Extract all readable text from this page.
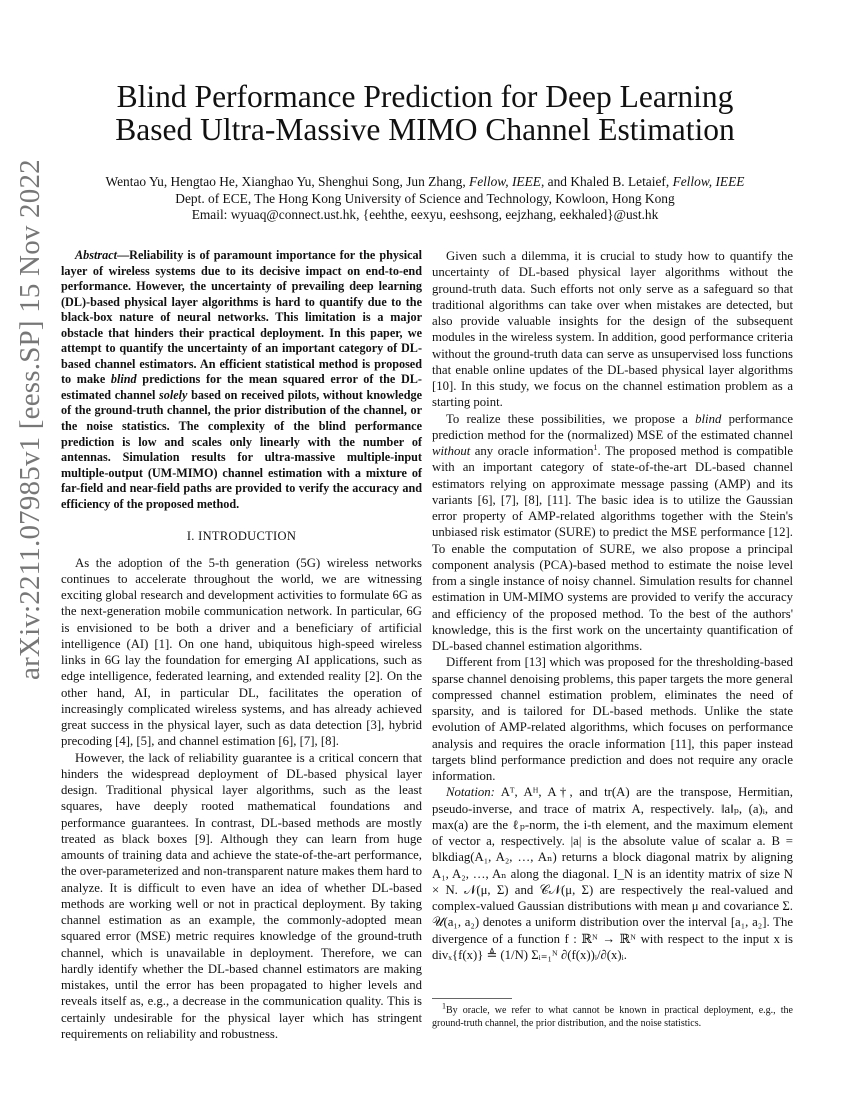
arXiv:2211.07985v1 [eess.SP] 15 Nov 2022
Blind Performance Prediction for Deep Learning
Based Ultra-Massive MIMO Channel Estimation
Wentao Yu, Hengtao He, Xianghao Yu, Shenghui Song, Jun Zhang, Fellow, IEEE, and Khaled B. Letaief, Fellow, IEEE
Dept. of ECE, The Hong Kong University of Science and Technology, Kowloon, Hong Kong
Email: wyuaq@connect.ust.hk, {eehthe, eexyu, eeshsong, eejzhang, eekhaled}@ust.hk

Abstract—Reliability is of paramount importance for the physical layer of wireless systems due to its decisive impact on end-to-end performance. However, the uncertainty of prevailing deep learning (DL)-based physical layer algorithms is hard to quantify due to the black-box nature of neural networks. This limitation is a major obstacle that hinders their practical deployment. In this paper, we attempt to quantify the uncertainty of an important category of DL-based channel estimators. An efficient statistical method is proposed to make blind predictions for the mean squared error of the DL-estimated channel solely based on received pilots, without knowledge of the ground-truth channel, the prior distribution of the channel, or the noise statistics. The complexity of the blind performance prediction is low and scales only linearly with the number of antennas. Simulation results for ultra-massive multiple-input multiple-output (UM-MIMO) channel estimation with a mixture of far-field and near-field paths are provided to verify the accuracy and efficiency of the proposed method.

I. INTRODUCTION

As the adoption of the 5-th generation (5G) wireless networks continues to accelerate throughout the world, we are witnessing exciting global research and development activities to formulate 6G as the next-generation mobile communication network. In particular, 6G is envisioned to be both a driver and a beneficiary of artificial intelligence (AI) [1]. On one hand, ubiquitous high-speed wireless links in 6G lay the foundation for emerging AI applications, such as edge intelligence, federated learning, and extended reality [2]. On the other hand, AI, in particular DL, facilitates the operation of increasingly complicated wireless systems, and has already achieved great success in the physical layer, such as data detection [3], hybrid precoding [4], [5], and channel estimation [6], [7], [8].

However, the lack of reliability guarantee is a critical concern that hinders the widespread deployment of DL-based physical layer design. Traditional physical layer algorithms, such as the least squares, have deeply rooted mathematical foundations and performance guarantees. In contrast, DL-based methods are mostly treated as black boxes [9]. Although they can learn from huge amounts of training data and achieve the state-of-the-art performance, the over-parameterized and non-transparent nature makes them hard to analyze. It is difficult to even have an idea of whether DL-based methods are working well or not in practical deployment. By taking channel estimation as an example, the commonly-adopted mean squared error (MSE) metric requires knowledge of the ground-truth channel, which is unavailable in deployment. Therefore, we can hardly identify whether the DL-based channel estimators are making mistakes, until the error has been propagated to higher levels and reveals itself as, e.g., a decrease in the communication quality. This is certainly undesirable for the physical layer which has stringent requirements on reliability and robustness.

Given such a dilemma, it is crucial to study how to quantify the uncertainty of DL-based physical layer algorithms without the ground-truth data. Such efforts not only serve as a safeguard so that traditional algorithms can take over when mistakes are detected, but also provide valuable insights for the design of the subsequent modules in the wireless system. In addition, good performance criteria without the ground-truth data can serve as unsupervised loss functions that enable online updates of the DL-based physical layer algorithms [10]. In this study, we focus on the channel estimation problem as a starting point.

To realize these possibilities, we propose a blind performance prediction method for the (normalized) MSE of the estimated channel without any oracle information$^1$. The proposed method is compatible with an important category of state-of-the-art DL-based channel estimators relying on approximate message passing (AMP) and its variants [6], [7], [8], [11]. The basic idea is to utilize the Gaussian error property of AMP-related algorithms together with the Stein's unbiased risk estimator (SURE) to predict the MSE performance [12]. To enable the computation of SURE, we also propose a principal component analysis (PCA)-based method to estimate the noise level from a single instance of noisy channel. Simulation results for channel estimation in UM-MIMO systems are provided to verify the accuracy and efficiency of the proposed method. To the best of the authors' knowledge, this is the first work on the uncertainty quantification of DL-based channel estimation algorithms.

Different from [13] which was proposed for the thresholding-based sparse channel denoising problems, this paper targets the more general compressed channel estimation problem, eliminates the need of sparsity, and is tailored for DL-based methods. Unlike the state evolution of AMP-related algorithms, which focuses on performance analysis and requires the oracle information [11], this paper instead targets blind performance prediction and does not require any oracle information.

Notation: Aᵀ, Aᴴ, A†, and tr(A) are the transpose, Hermitian, pseudo-inverse, and trace of matrix A, respectively. ‖a‖ₚ, (a)ᵢ, and max(a) are the ℓₚ-norm, the i-th element, and the maximum element of vector a, respectively. |a| is the absolute value of scalar a. B = blkdiag(A₁, A₂, …, Aₙ) returns a block diagonal matrix by aligning A₁, A₂, …, Aₙ along the diagonal. I_N is an identity matrix of size N × N. 𝒩(μ, Σ) and 𝒞𝒩(μ, Σ) are respectively the real-valued and complex-valued Gaussian distributions with mean μ and covariance Σ. 𝒰(a₁, a₂) denotes a uniform distribution over the interval [a₁, a₂]. The divergence of a function f : ℝᴺ → ℝᴺ with respect to the input x is divₓ{f(x)} ≜ (1/N) Σᵢ₌₁ᴺ ∂(f(x))ᵢ/∂(x)ᵢ.

$^1$By oracle, we refer to what cannot be known in practical deployment, e.g., the ground-truth channel, the prior distribution, and the noise statistics.
